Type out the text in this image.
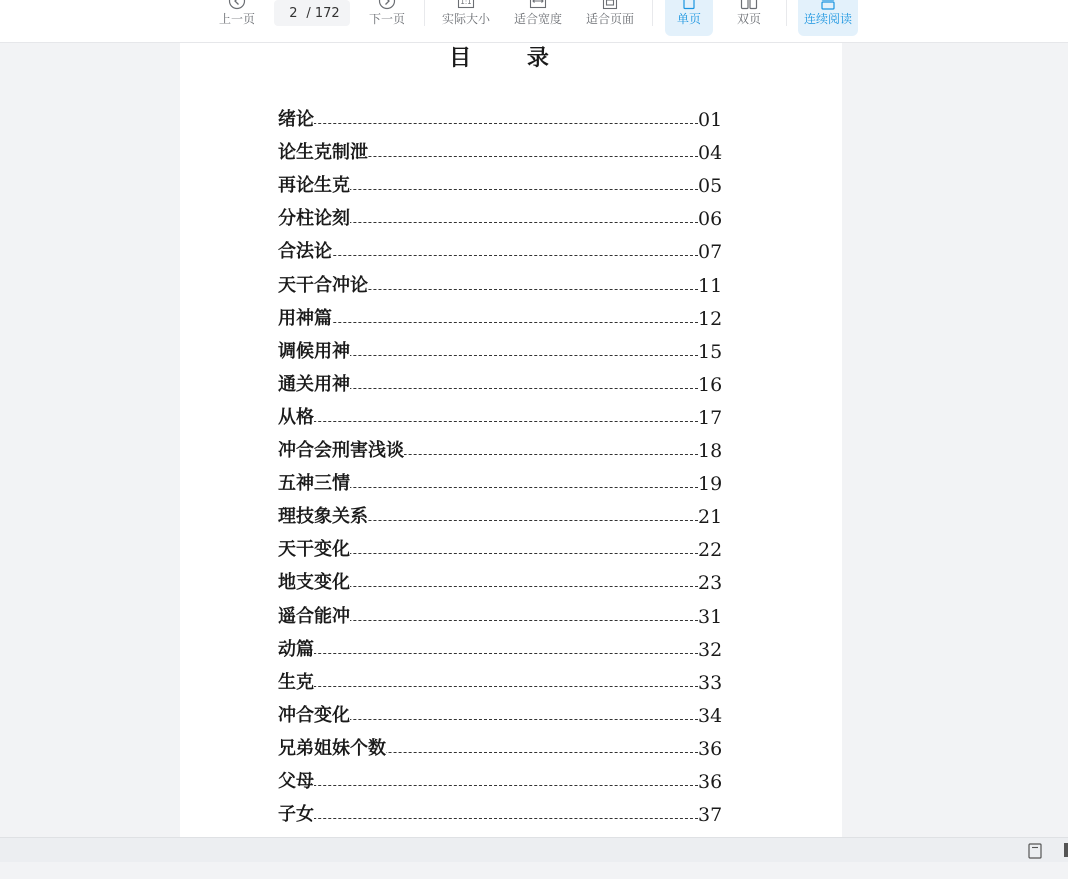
上一页
2	/ 172 下一页
1:1
实际大小 适合宽度 适合页面	单页	双页	连续阅读
目 录
绪论	01
论生克制泄	04
再论生克	05
分柱论刻	06
合法论	07
天干合冲论	11
用神篇	12
调候用神	15
通关用神	16
从格	17
冲合会刑害浅谈	18
五神三情	19
理技象关系	21
天干变化	22
地支变化	23
遥合能冲	31
动篇	32
生克	33
冲合变化	34
兄弟姐妹个数	36
父母	36
子女	37
